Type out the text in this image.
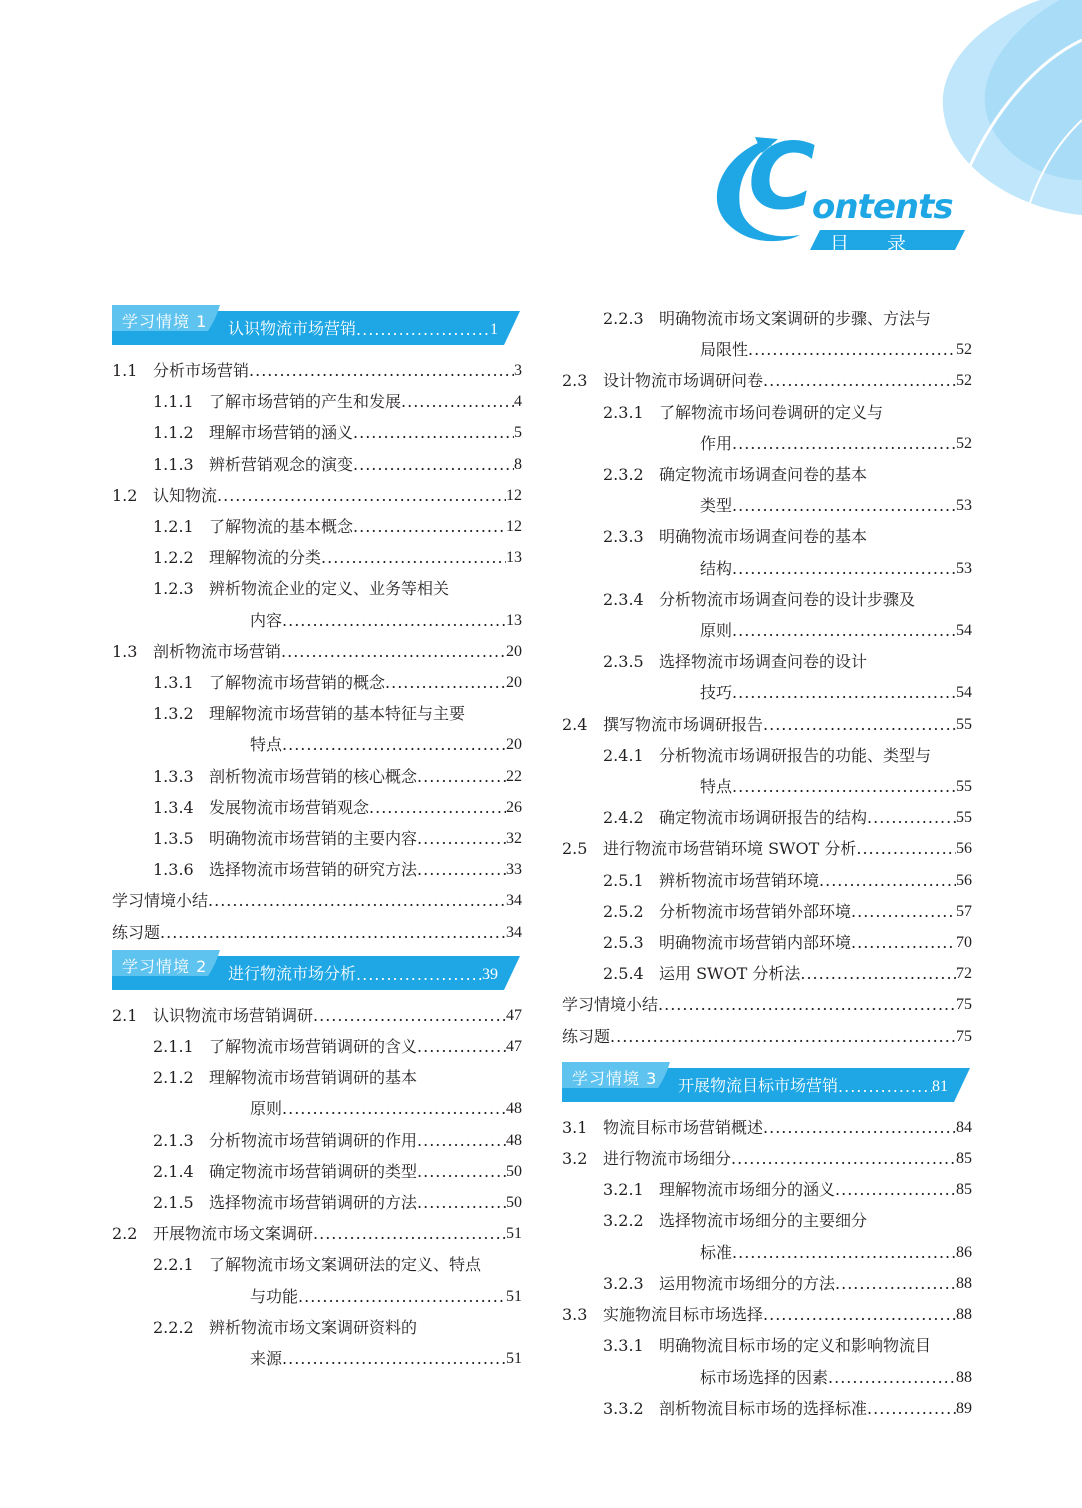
C
ontents
目　　录
学习情境 1 认识物流市场营销 .....	1
1.1 分析市场营销 .....	3
1.1.1 了解市场营销的产生和发展 .....	4
1.1.2 理解市场营销的涵义 .....	5
1.1.3 辨析营销观念的演变 .....	8
1.2 认知物流 .....	12
1.2.1 了解物流的基本概念 .....	12
1.2.2 理解物流的分类 .....	13
1.2.3 辨析物流企业的定义、业务等相关
内容 .....	13
1.3 剖析物流市场营销 .....	20
1.3.1 了解物流市场营销的概念 .....	20
1.3.2 理解物流市场营销的基本特征与主要
特点 .....	20
1.3.3 剖析物流市场营销的核心概念 .....	22
1.3.4 发展物流市场营销观念 .....	26
1.3.5 明确物流市场营销的主要内容 .....	32
1.3.6 选择物流市场营销的研究方法 .....	33
学习情境小结 .....	34
练习题 .....	34
学习情境 2 进行物流市场分析 .....	39
2.1 认识物流市场营销调研 .....	47
2.1.1 了解物流市场营销调研的含义 .....	47
2.1.2 理解物流市场营销调研的基本
原则 .....	48
2.1.3 分析物流市场营销调研的作用 .....	48
2.1.4 确定物流市场营销调研的类型 .....	50
2.1.5 选择物流市场营销调研的方法 .....	50
2.2 开展物流市场文案调研 .....	51
2.2.1 了解物流市场文案调研法的定义、特点
与功能 .....	51
2.2.2 辨析物流市场文案调研资料的
来源 .....	51
2.2.3 明确物流市场文案调研的步骤、方法与
局限性 .....	52
2.3 设计物流市场调研问卷 .....	52
2.3.1 了解物流市场问卷调研的定义与
作用 .....	52
2.3.2 确定物流市场调查问卷的基本
类型 .....	53
2.3.3 明确物流市场调查问卷的基本
结构 .....	53
2.3.4 分析物流市场调查问卷的设计步骤及
原则 .....	54
2.3.5 选择物流市场调查问卷的设计
技巧 .....	54
2.4 撰写物流市场调研报告 .....	55
2.4.1 分析物流市场调研报告的功能、类型与
特点 .....	55
2.4.2 确定物流市场调研报告的结构 .....	55
2.5 进行物流市场营销环境 SWOT 分析 .....	56
2.5.1 辨析物流市场营销环境 .....	56
2.5.2 分析物流市场营销外部环境 .....	57
2.5.3 明确物流市场营销内部环境 .....	70
2.5.4 运用 SWOT 分析法 .....	72
学习情境小结 .....	75
练习题 .....	75
学习情境 3 开展物流目标市场营销 .....	81
3.1 物流目标市场营销概述 .....	84
3.2 进行物流市场细分 .....	85
3.2.1 理解物流市场细分的涵义 .....	85
3.2.2 选择物流市场细分的主要细分
标准 .....	86
3.2.3 运用物流市场细分的方法 .....	88
3.3 实施物流目标市场选择 .....	88
3.3.1 明确物流目标市场的定义和影响物流目
标市场选择的因素 .....	88
3.3.2 剖析物流目标市场的选择标准 .....	89
